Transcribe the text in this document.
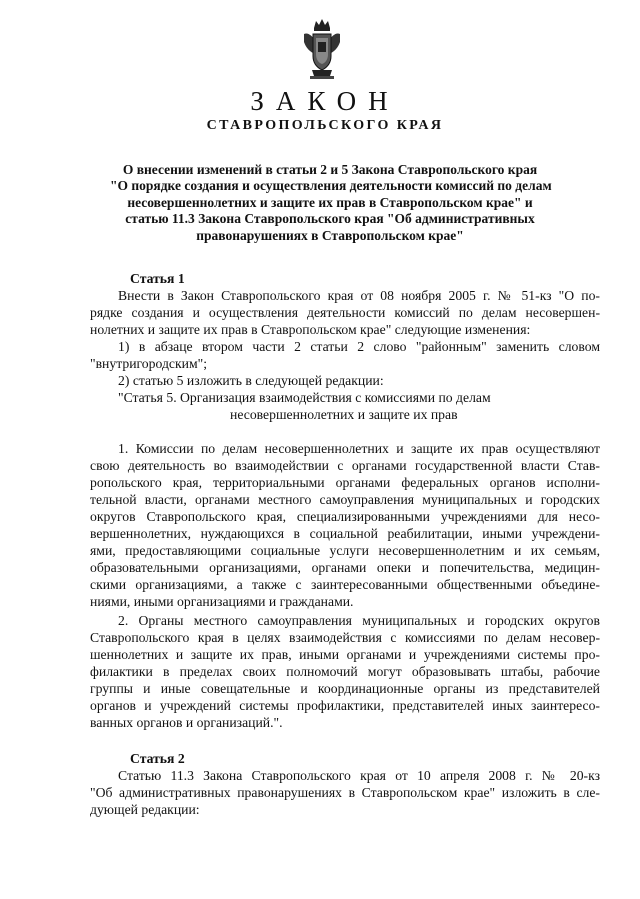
ЗАКОН
СТАВРОПОЛЬСКОГО КРАЯ
О внесении изменений в статьи 2 и 5 Закона Ставропольского края
"О порядке создания и осуществления деятельности комиссий по делам
несовершеннолетних и защите их прав в Ставропольском крае" и
статью 11.3 Закона Ставропольского края "Об административных
правонарушениях в Ставропольском крае"
Статья 1
Внести в Закон Ставропольского края от 08 ноября 2005 г. № 51-кз "О по-
рядке создания и осуществления деятельности комиссий по делам несовершен-
нолетних и защите их прав в Ставропольском крае" следующие изменения:
1) в абзаце втором части 2 статьи 2 слово "районным" заменить словом
"внутригородским";
2) статью 5 изложить в следующей редакции:
"Статья 5. Организация взаимодействия с комиссиями по делам
несовершеннолетних и защите их прав
1. Комиссии по делам несовершеннолетних и защите их прав осуществляют
свою деятельность во взаимодействии с органами государственной власти Став-
ропольского края, территориальными органами федеральных органов исполни-
тельной власти, органами местного самоуправления муниципальных и городских
округов Ставропольского края, специализированными учреждениями для несо-
вершеннолетних, нуждающихся в социальной реабилитации, иными учреждени-
ями, предоставляющими социальные услуги несовершеннолетним и их семьям,
образовательными организациями, органами опеки и попечительства, медицин-
скими организациями, а также с заинтересованными общественными объедине-
ниями, иными организациями и гражданами.
2. Органы местного самоуправления муниципальных и городских округов
Ставропольского края в целях взаимодействия с комиссиями по делам несовер-
шеннолетних и защите их прав, иными органами и учреждениями системы про-
филактики в пределах своих полномочий могут образовывать штабы, рабочие
группы и иные совещательные и координационные органы из представителей
органов и учреждений системы профилактики, представителей иных заинтересо-
ванных органов и организаций.".
Статья 2
Статью 11.3 Закона Ставропольского края от 10 апреля 2008 г. № 20-кз
"Об административных правонарушениях в Ставропольском крае" изложить в сле-
дующей редакции:
